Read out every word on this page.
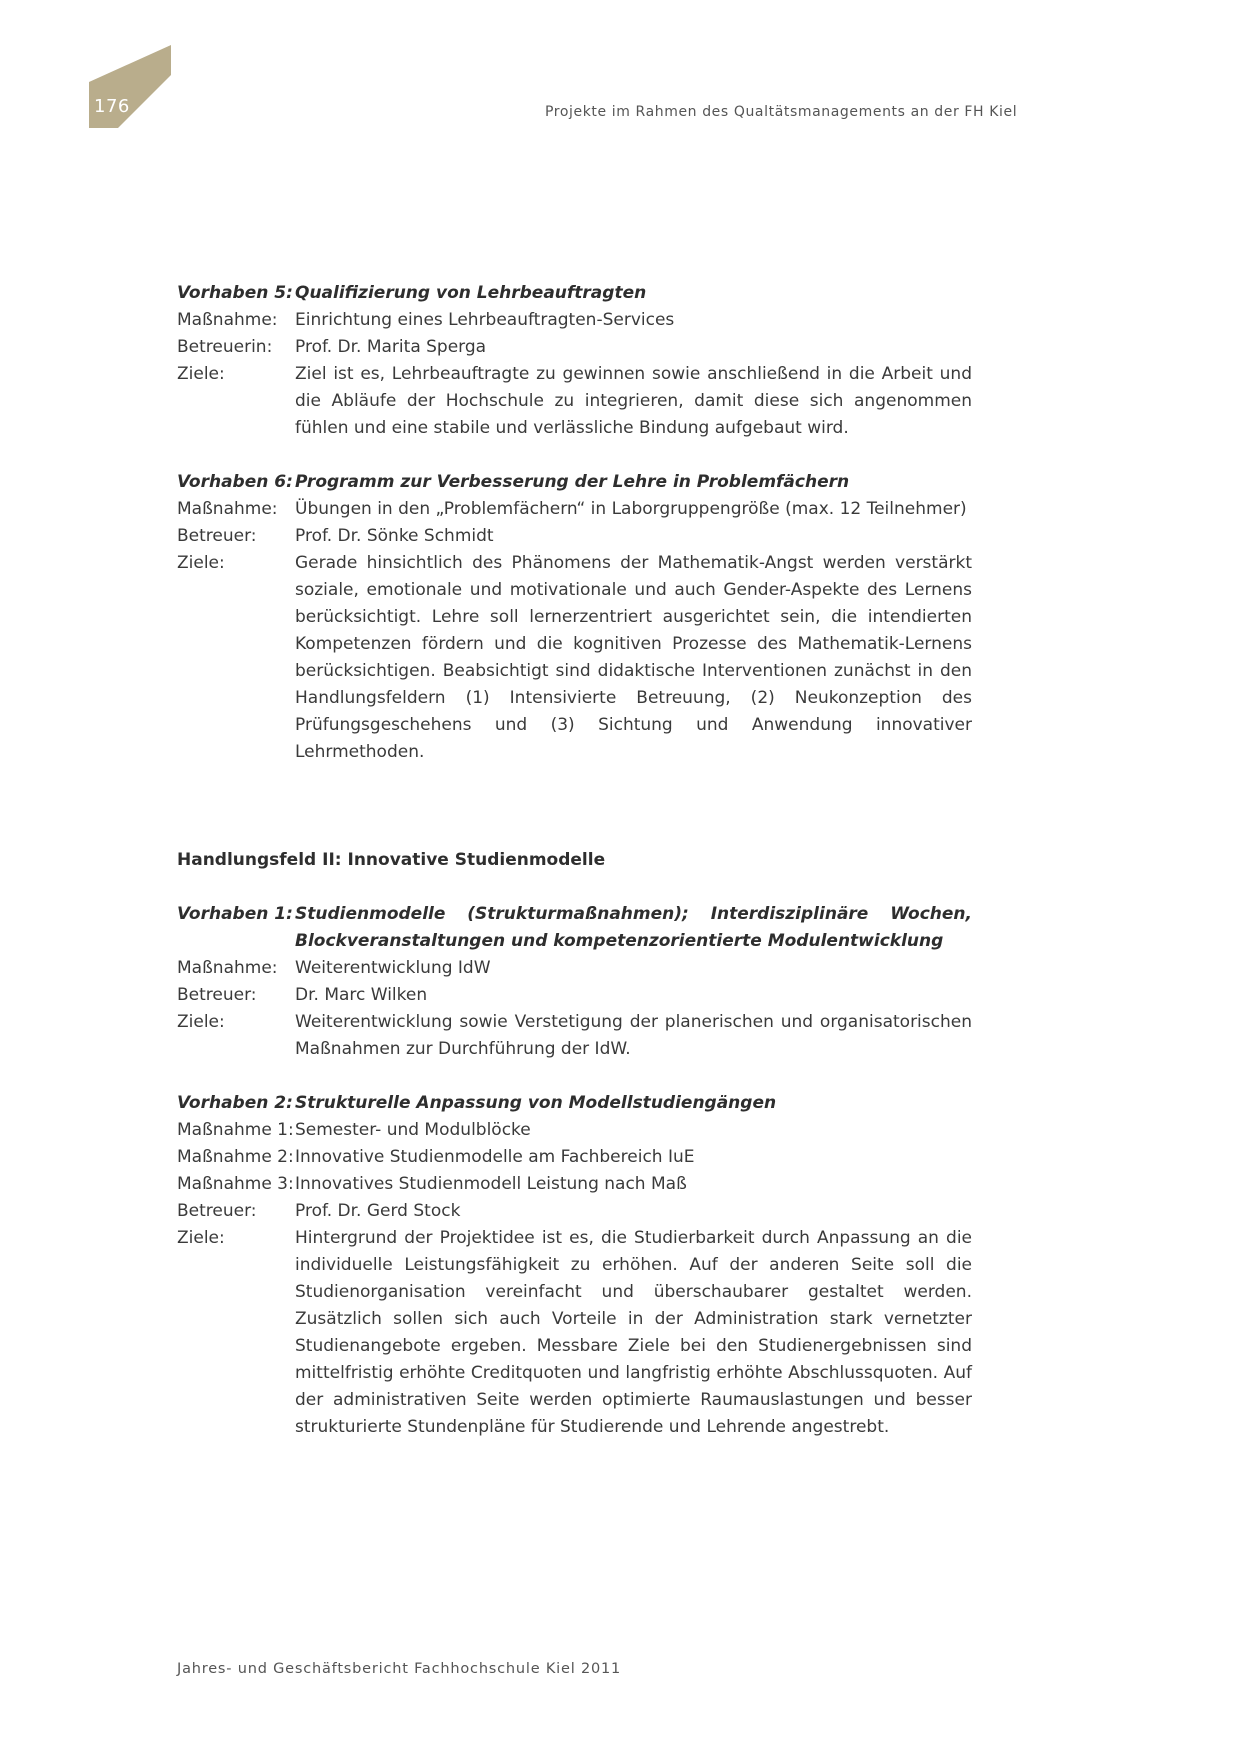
176	Projekte im Rahmen des Qualtätsmanagements an der FH Kiel
Vorhaben 5: Qualifizierung von Lehrbeauftragten
Maßnahme:	Einrichtung eines Lehrbeauftragten-Services
Betreuerin:	Prof. Dr. Marita Sperga
Ziele:	Ziel ist es, Lehrbeauftragte zu gewinnen sowie anschließend in die Arbeit und die Abläufe der Hochschule zu integrieren, damit diese sich angenommen fühlen und eine stabile und verlässliche Bindung aufgebaut wird.
Vorhaben 6: Programm zur Verbesserung der Lehre in Problemfächern
Maßnahme:	Übungen in den „Problemfächern“ in Laborgruppengröße (max. 12 Teilnehmer)
Betreuer:	Prof. Dr. Sönke Schmidt
Ziele:	Gerade hinsichtlich des Phänomens der Mathematik-Angst werden verstärkt soziale, emotionale und motivationale und auch Gender-Aspekte des Lernens berücksichtigt. Lehre soll lernerzentriert ausgerichtet sein, die intendierten Kompetenzen fördern und die kognitiven Prozesse des Mathematik-Lernens berücksichtigen. Beabsichtigt sind didaktische Interventionen zunächst in den Handlungsfeldern (1) Intensivierte Betreuung, (2) Neukonzeption des Prüfungsgeschehens und (3) Sichtung und Anwendung innovativer Lehrmethoden.
Handlungsfeld II: Innovative Studienmodelle
Vorhaben 1: Studienmodelle (Strukturmaßnahmen); Interdisziplinäre Wochen, Blockveranstaltungen und kompetenzorientierte Modulentwicklung
Maßnahme:	Weiterentwicklung IdW
Betreuer:	Dr. Marc Wilken
Ziele:	Weiterentwicklung sowie Verstetigung der planerischen und organisatorischen Maßnahmen zur Durchführung der IdW.
Vorhaben 2: Strukturelle Anpassung von Modellstudiengängen
Maßnahme 1: Semester- und Modulblöcke
Maßnahme 2: Innovative Studienmodelle am Fachbereich IuE
Maßnahme 3: Innovatives Studienmodell Leistung nach Maß
Betreuer:	Prof. Dr. Gerd Stock
Ziele:	Hintergrund der Projektidee ist es, die Studierbarkeit durch Anpassung an die individuelle Leistungsfähigkeit zu erhöhen. Auf der anderen Seite soll die Studienorganisation vereinfacht und überschaubarer gestaltet werden. Zusätzlich sollen sich auch Vorteile in der Administration stark vernetzter Studienangebote ergeben. Messbare Ziele bei den Studienergebnissen sind mittelfristig erhöhte Creditquoten und langfristig erhöhte Abschlussquoten. Auf der administrativen Seite werden optimierte Raumauslastungen und besser strukturierte Stundenpläne für Studierende und Lehrende angestrebt.
Jahres- und Geschäftsbericht Fachhochschule Kiel 2011
